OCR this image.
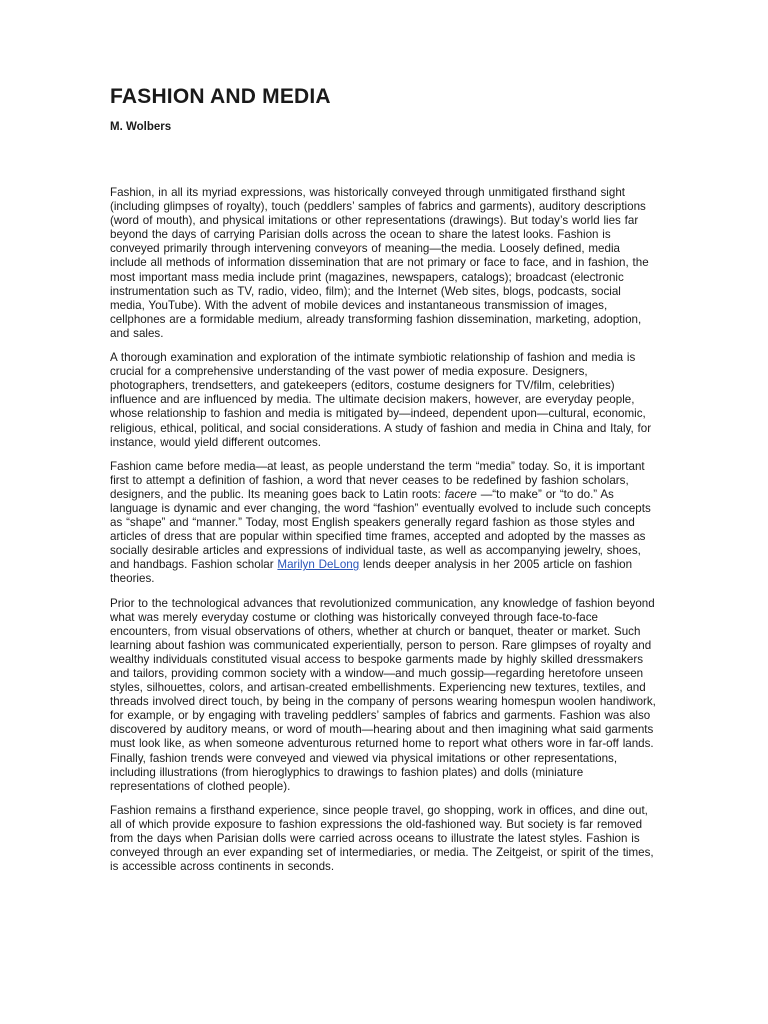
FASHION AND MEDIA
M. Wolbers

Fashion, in all its myriad expressions, was historically conveyed through unmitigated firsthand sight (including glimpses of royalty), touch (peddlers’ samples of fabrics and garments), auditory descriptions (word of mouth), and physical imitations or other representations (drawings). But today’s world lies far beyond the days of carrying Parisian dolls across the ocean to share the latest looks. Fashion is conveyed primarily through intervening conveyors of meaning—the media. Loosely defined, media include all methods of information dissemination that are not primary or face to face, and in fashion, the most important mass media include print (magazines, newspapers, catalogs); broadcast (electronic instrumentation such as TV, radio, video, film); and the Internet (Web sites, blogs, podcasts, social media, YouTube). With the advent of mobile devices and instantaneous transmission of images, cellphones are a formidable medium, already transforming fashion dissemination, marketing, adoption, and sales.

A thorough examination and exploration of the intimate symbiotic relationship of fashion and media is crucial for a comprehensive understanding of the vast power of media exposure. Designers, photographers, trendsetters, and gatekeepers (editors, costume designers for TV/film, celebrities) influence and are influenced by media. The ultimate decision makers, however, are everyday people, whose relationship to fashion and media is mitigated by—indeed, dependent upon—cultural, economic, religious, ethical, political, and social considerations. A study of fashion and media in China and Italy, for instance, would yield different outcomes.

Fashion came before media—at least, as people understand the term “media” today. So, it is important first to attempt a definition of fashion, a word that never ceases to be redefined by fashion scholars, designers, and the public. Its meaning goes back to Latin roots: facere —“to make” or “to do.” As language is dynamic and ever changing, the word “fashion” eventually evolved to include such concepts as “shape” and “manner.” Today, most English speakers generally regard fashion as those styles and articles of dress that are popular within specified time frames, accepted and adopted by the masses as socially desirable articles and expressions of individual taste, as well as accompanying jewelry, shoes, and handbags. Fashion scholar Marilyn DeLong lends deeper analysis in her 2005 article on fashion theories.

Prior to the technological advances that revolutionized communication, any knowledge of fashion beyond what was merely everyday costume or clothing was historically conveyed through face-to-face encounters, from visual observations of others, whether at church or banquet, theater or market. Such learning about fashion was communicated experientially, person to person. Rare glimpses of royalty and wealthy individuals constituted visual access to bespoke garments made by highly skilled dressmakers and tailors, providing common society with a window—and much gossip—regarding heretofore unseen styles, silhouettes, colors, and artisan-created embellishments. Experiencing new textures, textiles, and threads involved direct touch, by being in the company of persons wearing homespun woolen handiwork, for example, or by engaging with traveling peddlers’ samples of fabrics and garments. Fashion was also discovered by auditory means, or word of mouth—hearing about and then imagining what said garments must look like, as when someone adventurous returned home to report what others wore in far-off lands. Finally, fashion trends were conveyed and viewed via physical imitations or other representations, including illustrations (from hieroglyphics to drawings to fashion plates) and dolls (miniature representations of clothed people).

Fashion remains a firsthand experience, since people travel, go shopping, work in offices, and dine out, all of which provide exposure to fashion expressions the old-fashioned way. But society is far removed from the days when Parisian dolls were carried across oceans to illustrate the latest styles. Fashion is conveyed through an ever expanding set of intermediaries, or media. The Zeitgeist, or spirit of the times, is accessible across continents in seconds.
